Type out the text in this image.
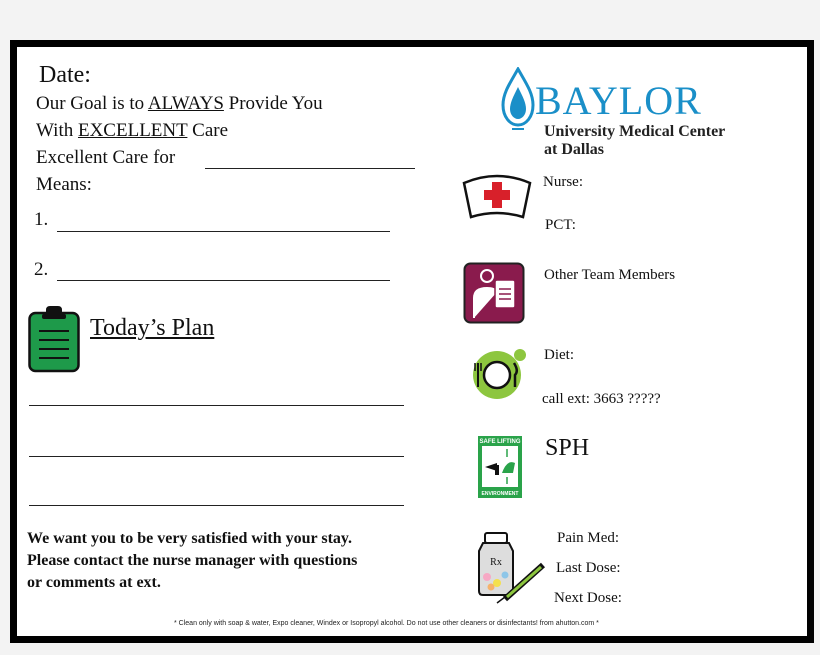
Date:
Our Goal is to ALWAYS Provide You
With EXCELLENT Care
Excellent Care for
Means:
1.
2.
Today’s Plan
We want you to be very satisfied with your stay.
Please contact the nurse manager with questions
or comments at ext.
* Clean only with soap & water, Expo cleaner, Windex or Isopropyl alcohol. Do not use other cleaners or disinfectants! from ahutton.com *
BAYLOR
University Medical Center
at Dallas
Nurse:
PCT:
Other Team Members
Diet:
call ext: 3663 ?????
SAFE LIFTING
ENVIRONMENT
SPH
Rx
Pain Med:
Last Dose:
Next Dose:
